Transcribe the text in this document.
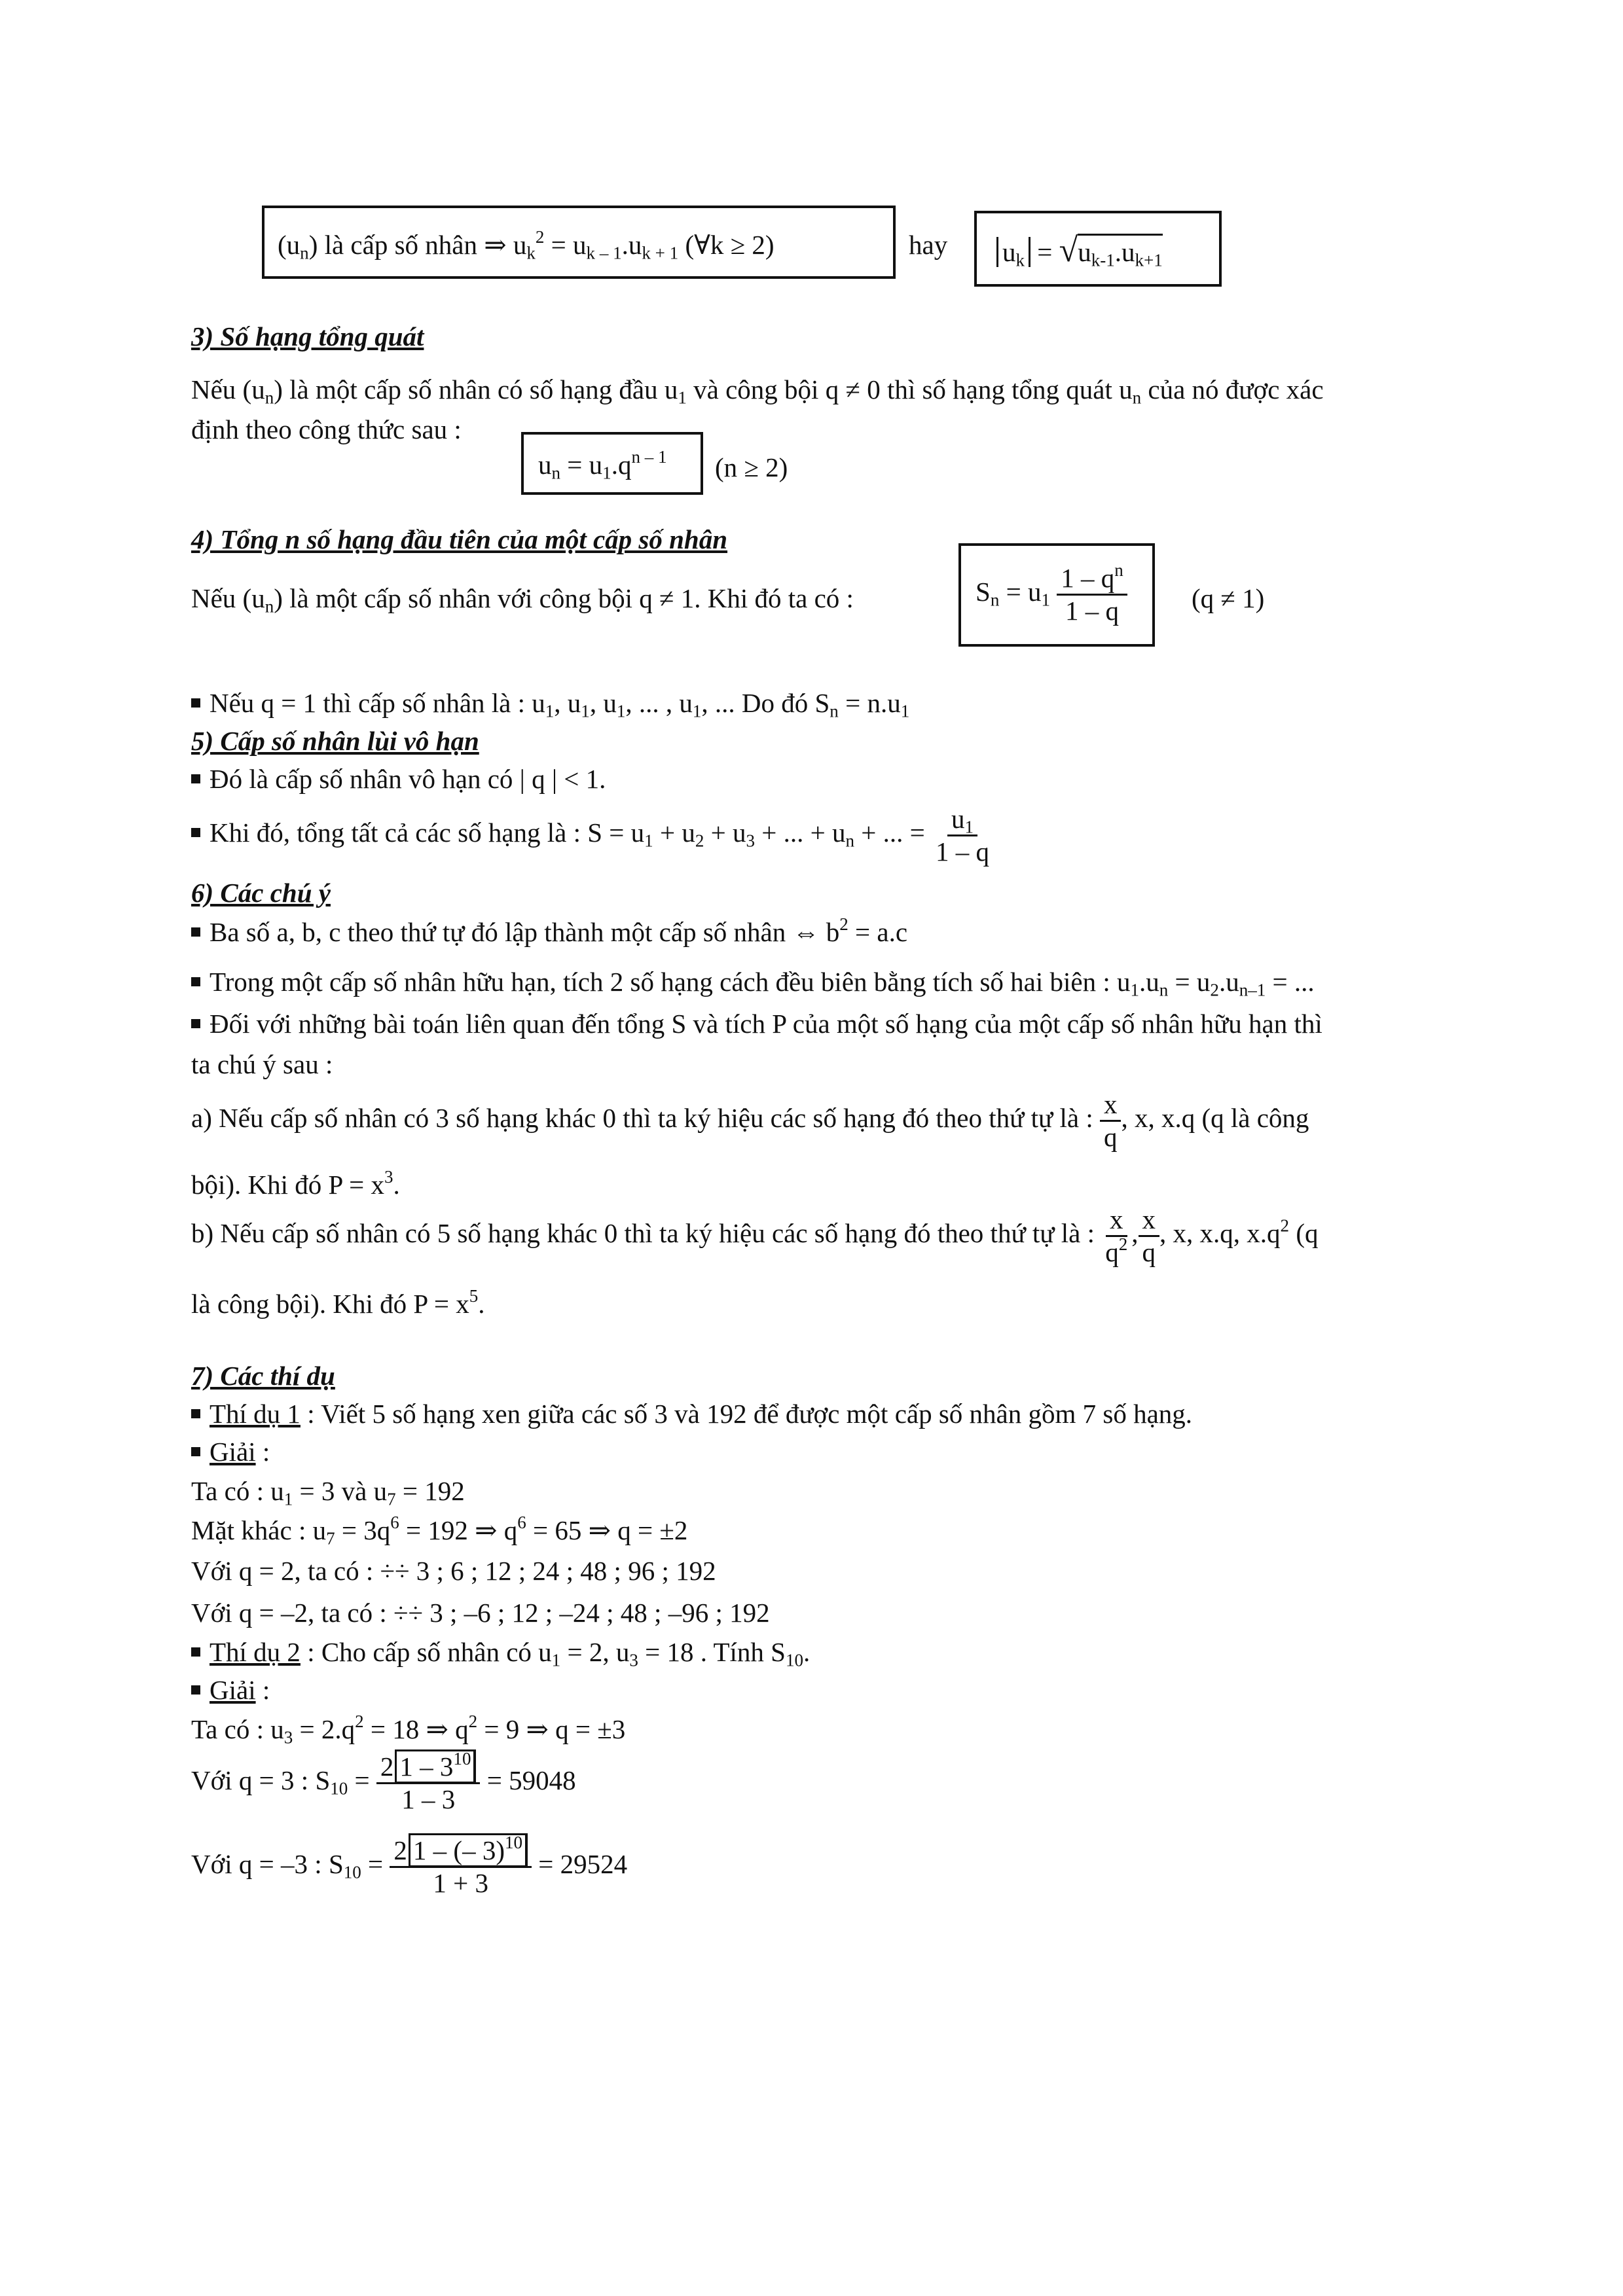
$(u_n)$ là cấp số nhân ⇒ $u_k^2 = u_{k - 1}.u_{k + 1}$ (∀k ≥ 2)	hay $u_k = √u_{k-1}.u_{k+1}$
3) Số hạng tổng quát
Nếu $(u_n)$ là một cấp số nhân có số hạng đầu $u_1$ và công bội q ≠ 0 thì số hạng tổng quát $u_n$ của nó được xác
định theo công thức sau :
$u_n = u_1.q^{n - 1}$ (n ≥ 2)
4) Tổng n số hạng đầu tiên của một cấp số nhân
Nếu $(u_n)$ là một cấp số nhân với công bội q ≠ 1. Khi đó ta có :	$S_n = u_1 \frac{1 - q^n}{1 - q} (q \ne 1)$
Nếu q = 1 thì cấp số nhân là : $u_1$, $u_1$, $u_1$, ... , $u_1$, ... Do đó $S_n = n.u_1$
5) Cấp số nhân lùi vô hạn
Đó là cấp số nhân vô hạn có | q | < 1.
Khi đó, tổng tất cả các số hạng là : $S = u_1 + u_2 + u_3$ + ... + $u_n$ + ... = $\frac{u_1}{1 - q}$
6) Các chú ý
Ba số a, b, c theo thứ tự đó lập thành một cấp số nhân ⇔ $b^2 = a.c$
Trong một cấp số nhân hữu hạn, tích 2 số hạng cách đều biên bằng tích số hai biên : $u_1.u_n = u_2.u_{n-1}$ = ...
Đối với những bài toán liên quan đến tổng S và tích P của một số hạng của một cấp số nhân hữu hạn thì
ta chú ý sau :
a) Nếu cấp số nhân có 3 số hạng khác 0 thì ta ký hiệu các số hạng đó theo thứ tự là : $\frac{x}{q}$ , x, x.q (q là công
bội). Khi đó $P = x^3$.
b) Nếu cấp số nhân có 5 số hạng khác 0 thì ta ký hiệu các số hạng đó theo thứ tự là : $\frac{x}{q^2}$ , $\frac{x}{q}$ , x, x.q, $x.q^2$ (q
là công bội). Khi đó $P = x^5$.
7) Các thí dụ
Thí dụ 1 : Viết 5 số hạng xen giữa các số 3 và 192 để được một cấp số nhân gồm 7 số hạng.
Giải :
Ta có : $u_1 = 3$ và $u_7 = 192$
Mặt khác : $u_7 = 3q^6 = 192$ ⇒ $q^6 = 65$ ⇒ q = ±2
Với q = 2, ta có : ÷÷ 3 ; 6 ; 12 ; 24 ; 48 ; 96 ; 192
Với q = –2, ta có : ÷÷ 3 ; –6 ; 12 ; –24 ; 48 ; –96 ; 192
Thí dụ 2 : Cho cấp số nhân có $u_1 = 2$, $u_3 = 18$ . Tính $S_{10}$.
Giải :
Ta có : $u_3 = 2.q^2 = 18$ ⇒ $q^2 = 9$ ⇒ q = ±3
Với q = 3 : $S_{10} = \frac{2 1 - 3^{10}}{1 - 3} = 59048$
Với q = –3 : $S_{10} = \frac{2 1 - (- 3)^{10}}{1 + 3} = 29524$
